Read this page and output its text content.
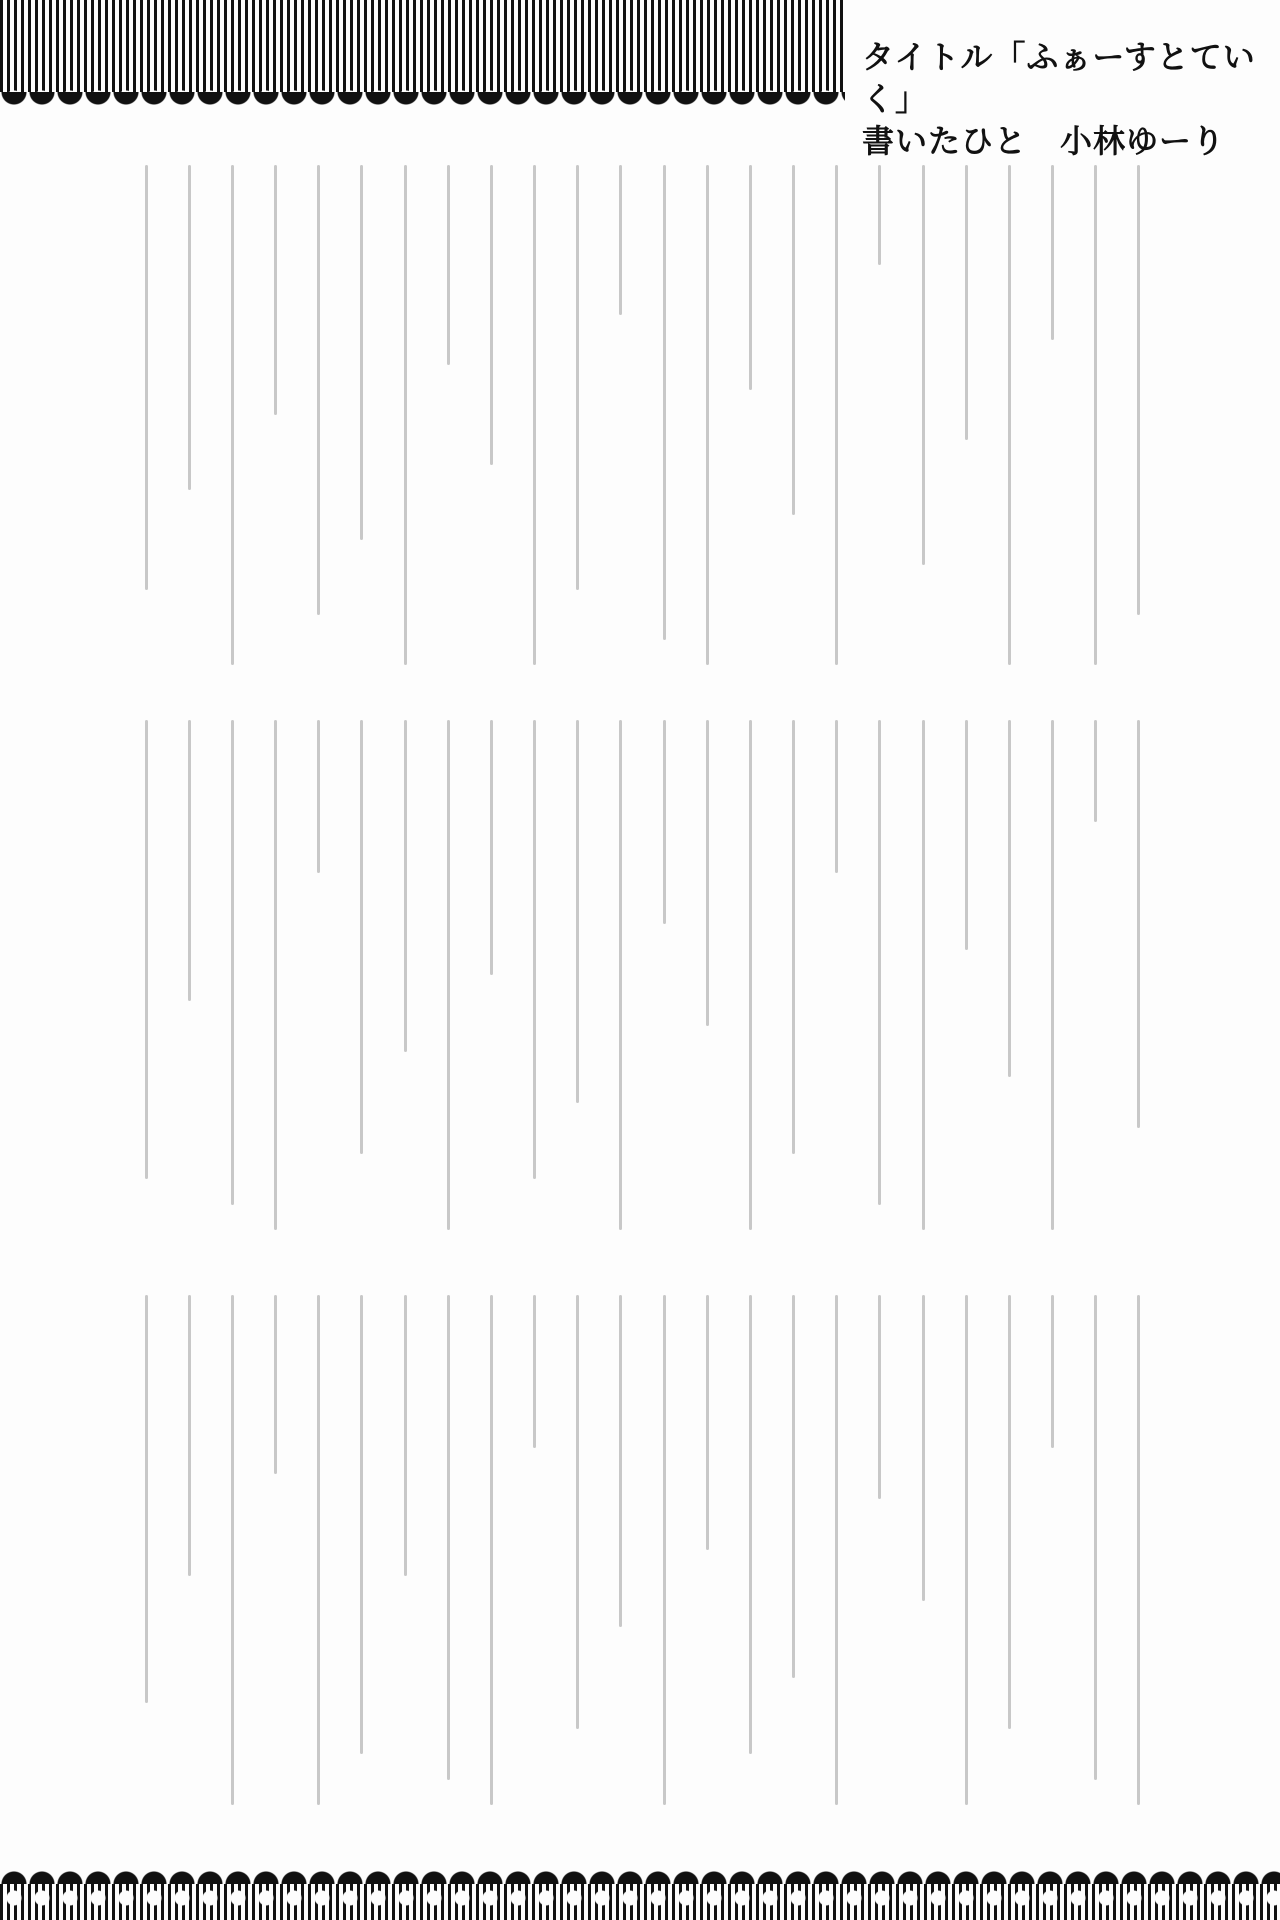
タイトル「ふぁーすとていく」
書いたひと　小林ゆーり
